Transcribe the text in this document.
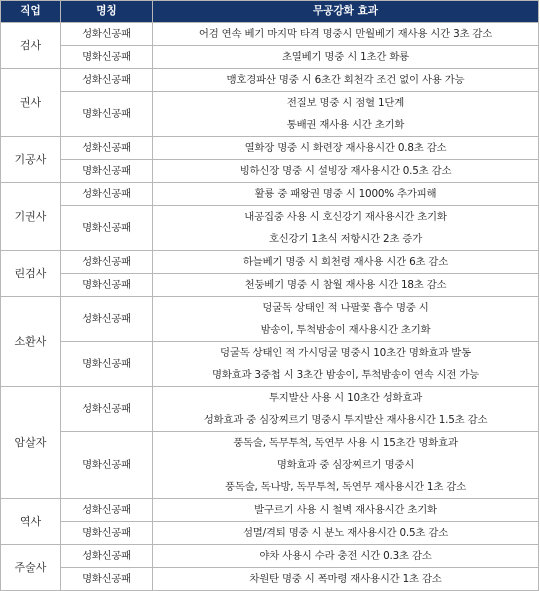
직업	명칭	무공강화 효과
검사	성화신공패	어검 연속 베기 마지막 타격 명중시 만월베기 재사용 시간 3초 감소

	명화신공패	초열베기 명중 시 1초간 화룡

권사	성화신공패	맹호경파산 명중 시 6초간 회천각 조건 없이 사용 가능

	명화신공패	전질보 명중 시 점혈 1단계
통배권 재사용 시간 초기화

기공사	성화신공패	열화장 명중 시 화련장 재사용시간 0.8초 감소

	명화신공패	빙하신장 명중 시 설빙장 재사용시간 0.5초 감소

기권사	성화신공패	활룡 중 패왕권 명중 시 1000% 추가피해

	명화신공패	내공집중 사용 시 호신강기 재사용시간 초기화
호신강기 1초식 저항시간 2초 증가

린검사	성화신공패	하늘베기 명중 시 회천령 재사용 시간 6초 감소

	명화신공패	천둥베기 명중 시 참월 재사용 시간 18초 감소

소환사	성화신공패	덩굴독 상태인 적 나팔꽃 흡수 명중 시
밤송이, 투척밤송이 재사용시간 초기화

	명화신공패	덩굴독 상태인 적 가시덩굴 명중시 10초간 명화효과 발동
명화효과 3중첩 시 3초간 밤송이, 투척밤송이 연속 시전 가능

암살자	성화신공패	투지발산 사용 시 10초간 성화효과
성화효과 중 심장찌르기 명중시 투지발산 재사용시간 1.5초 감소

	명화신공패	풍독술, 독무투척, 독연무 사용 시 15초간 명화효과
명화효과 중 심장찌르기 명중시
풍독술, 독나방, 독무투척, 독연무 재사용시간 1초 감소

역사	성화신공패	발구르기 사용 시 철벽 재사용시간 초기화

	명화신공패	섬멸/격퇴 명중 시 분노 재사용시간 0.5초 감소

주술사	성화신공패	야차 사용시 수라 충전 시간 0.3초 감소

	명화신공패	차원탄 명중 시 폭마령 재사용시간 1초 감소
